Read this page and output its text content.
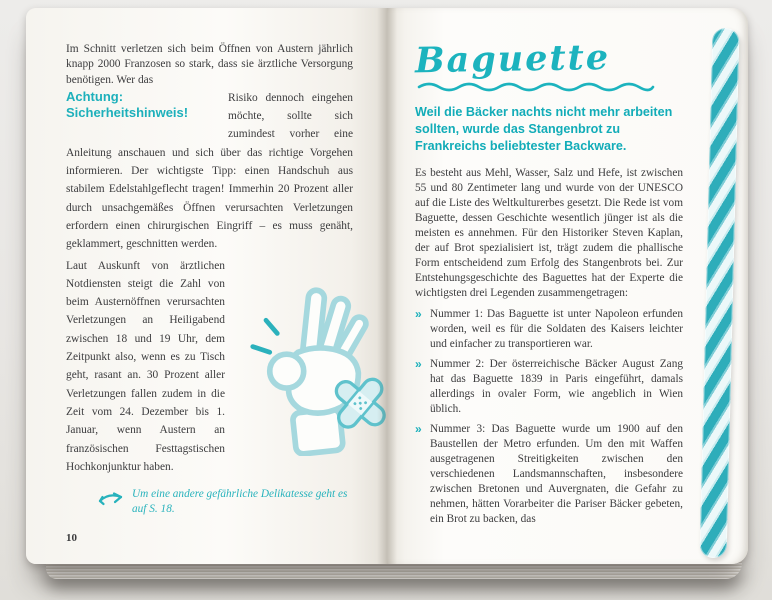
Im Schnitt verletzen sich beim Öffnen von Austern jährlich knapp 2000 Franzosen so stark, dass sie ärztliche Versorgung benötigen. Wer das

Achtung:
Sicherheitshinweis!
Risiko dennoch eingehen möchte, sollte sich zumindest vorher eine Anleitung anschauen und sich über das richtige Vorgehen informieren. Der wichtigste Tipp: einen Handschuh aus stabilem Edelstahlgeflecht tragen! Immerhin 20 Prozent aller durch unsachgemäßes Öffnen verursachten Verletzungen erfordern einen chirurgischen Eingriff – es muss genäht, geklammert, geschnitten werden.
Laut Auskunft von ärztlichen Notdiensten steigt die Zahl von beim Austernöffnen verursachten Verletzungen an Heiligabend zwischen 18 und 19 Uhr, dem Zeitpunkt also, wenn es zu Tisch geht, rasant an. 30 Prozent aller Verletzungen fallen zudem in die Zeit vom 24. Dezember bis 1. Januar, wenn Austern an französischen Festtagstischen Hochkonjunktur haben.
Um eine andere gefährliche Delikatesse geht es auf S. 18.
10
Baguette

Weil die Bäcker nachts nicht mehr arbeiten sollten, wurde das Stangenbrot zu Frankreichs beliebtester Backware.

Es besteht aus Mehl, Wasser, Salz und Hefe, ist zwischen 55 und 80 Zentimeter lang und wurde von der UNESCO auf die Liste des Weltkulturerbes gesetzt. Die Rede ist vom Baguette, dessen Geschichte wesentlich jünger ist als die meisten es annehmen. Für den Historiker Steven Kaplan, der auf Brot spezialisiert ist, trägt zudem die phallische Form entscheidend zum Erfolg des Stangenbrots bei. Zur Entstehungsgeschichte des Baguettes hat der Experte die wichtigsten drei Legenden zusammengetragen:

» Nummer 1: Das Baguette ist unter Napoleon erfunden worden, weil es für die Soldaten des Kaisers leichter und einfacher zu transportieren war.
» Nummer 2: Der österreichische Bäcker August Zang hat das Baguette 1839 in Paris eingeführt, damals allerdings in ovaler Form, wie angeblich in Wien üblich.
» Nummer 3: Das Baguette wurde um 1900 auf den Baustellen der Metro erfunden. Um den mit Waffen ausgetragenen Streitigkeiten zwischen den verschiedenen Landsmannschaften, insbesondere zwischen Bretonen und Auvergnaten, die Gefahr zu nehmen, hätten Vorarbeiter die Pariser Bäcker gebeten, ein Brot zu backen, das
